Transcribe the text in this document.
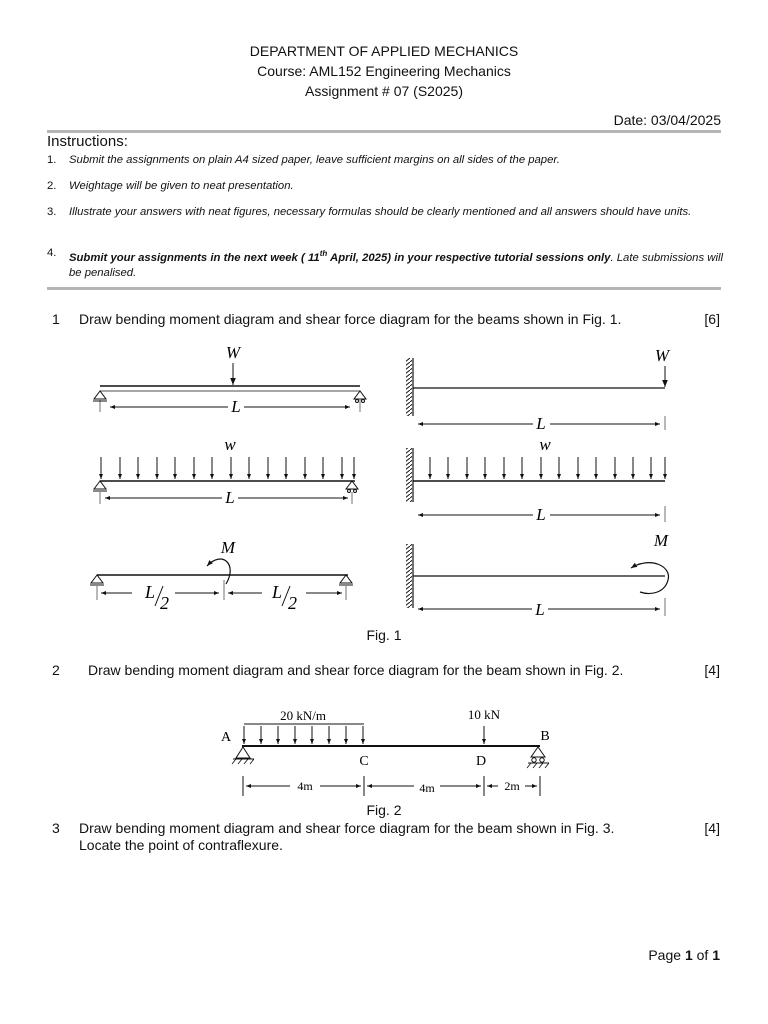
DEPARTMENT OF APPLIED MECHANICS
Course: AML152 Engineering Mechanics
Assignment # 07 (S2025)
Date: 03/04/2025
Instructions:
1. Submit the assignments on plain A4 sized paper, leave sufficient margins on all sides of the paper.
2. Weightage will be given to neat presentation.
3. Illustrate your answers with neat figures, necessary formulas should be clearly mentioned and all answers should have units.
4. Submit your assignments in the next week ( 11th April, 2025) in your respective tutorial sessions only. Late submissions will be penalised.
1 Draw bending moment diagram and shear force diagram for the beams shown in Fig. 1.	[6]
W
L
W
L
w
L
w
L
M
L
2
L
2
M
L
Fig. 1
2 Draw bending moment diagram and shear force diagram for the beam shown in Fig. 2.	[4]
20 kN/m	10 kN
A	B
C	D
4m	4m	2m
Fig. 2
3 Draw bending moment diagram and shear force diagram for the beam shown in Fig. 3.
Locate the point of contraflexure.
[4]
Page 1 of 1
